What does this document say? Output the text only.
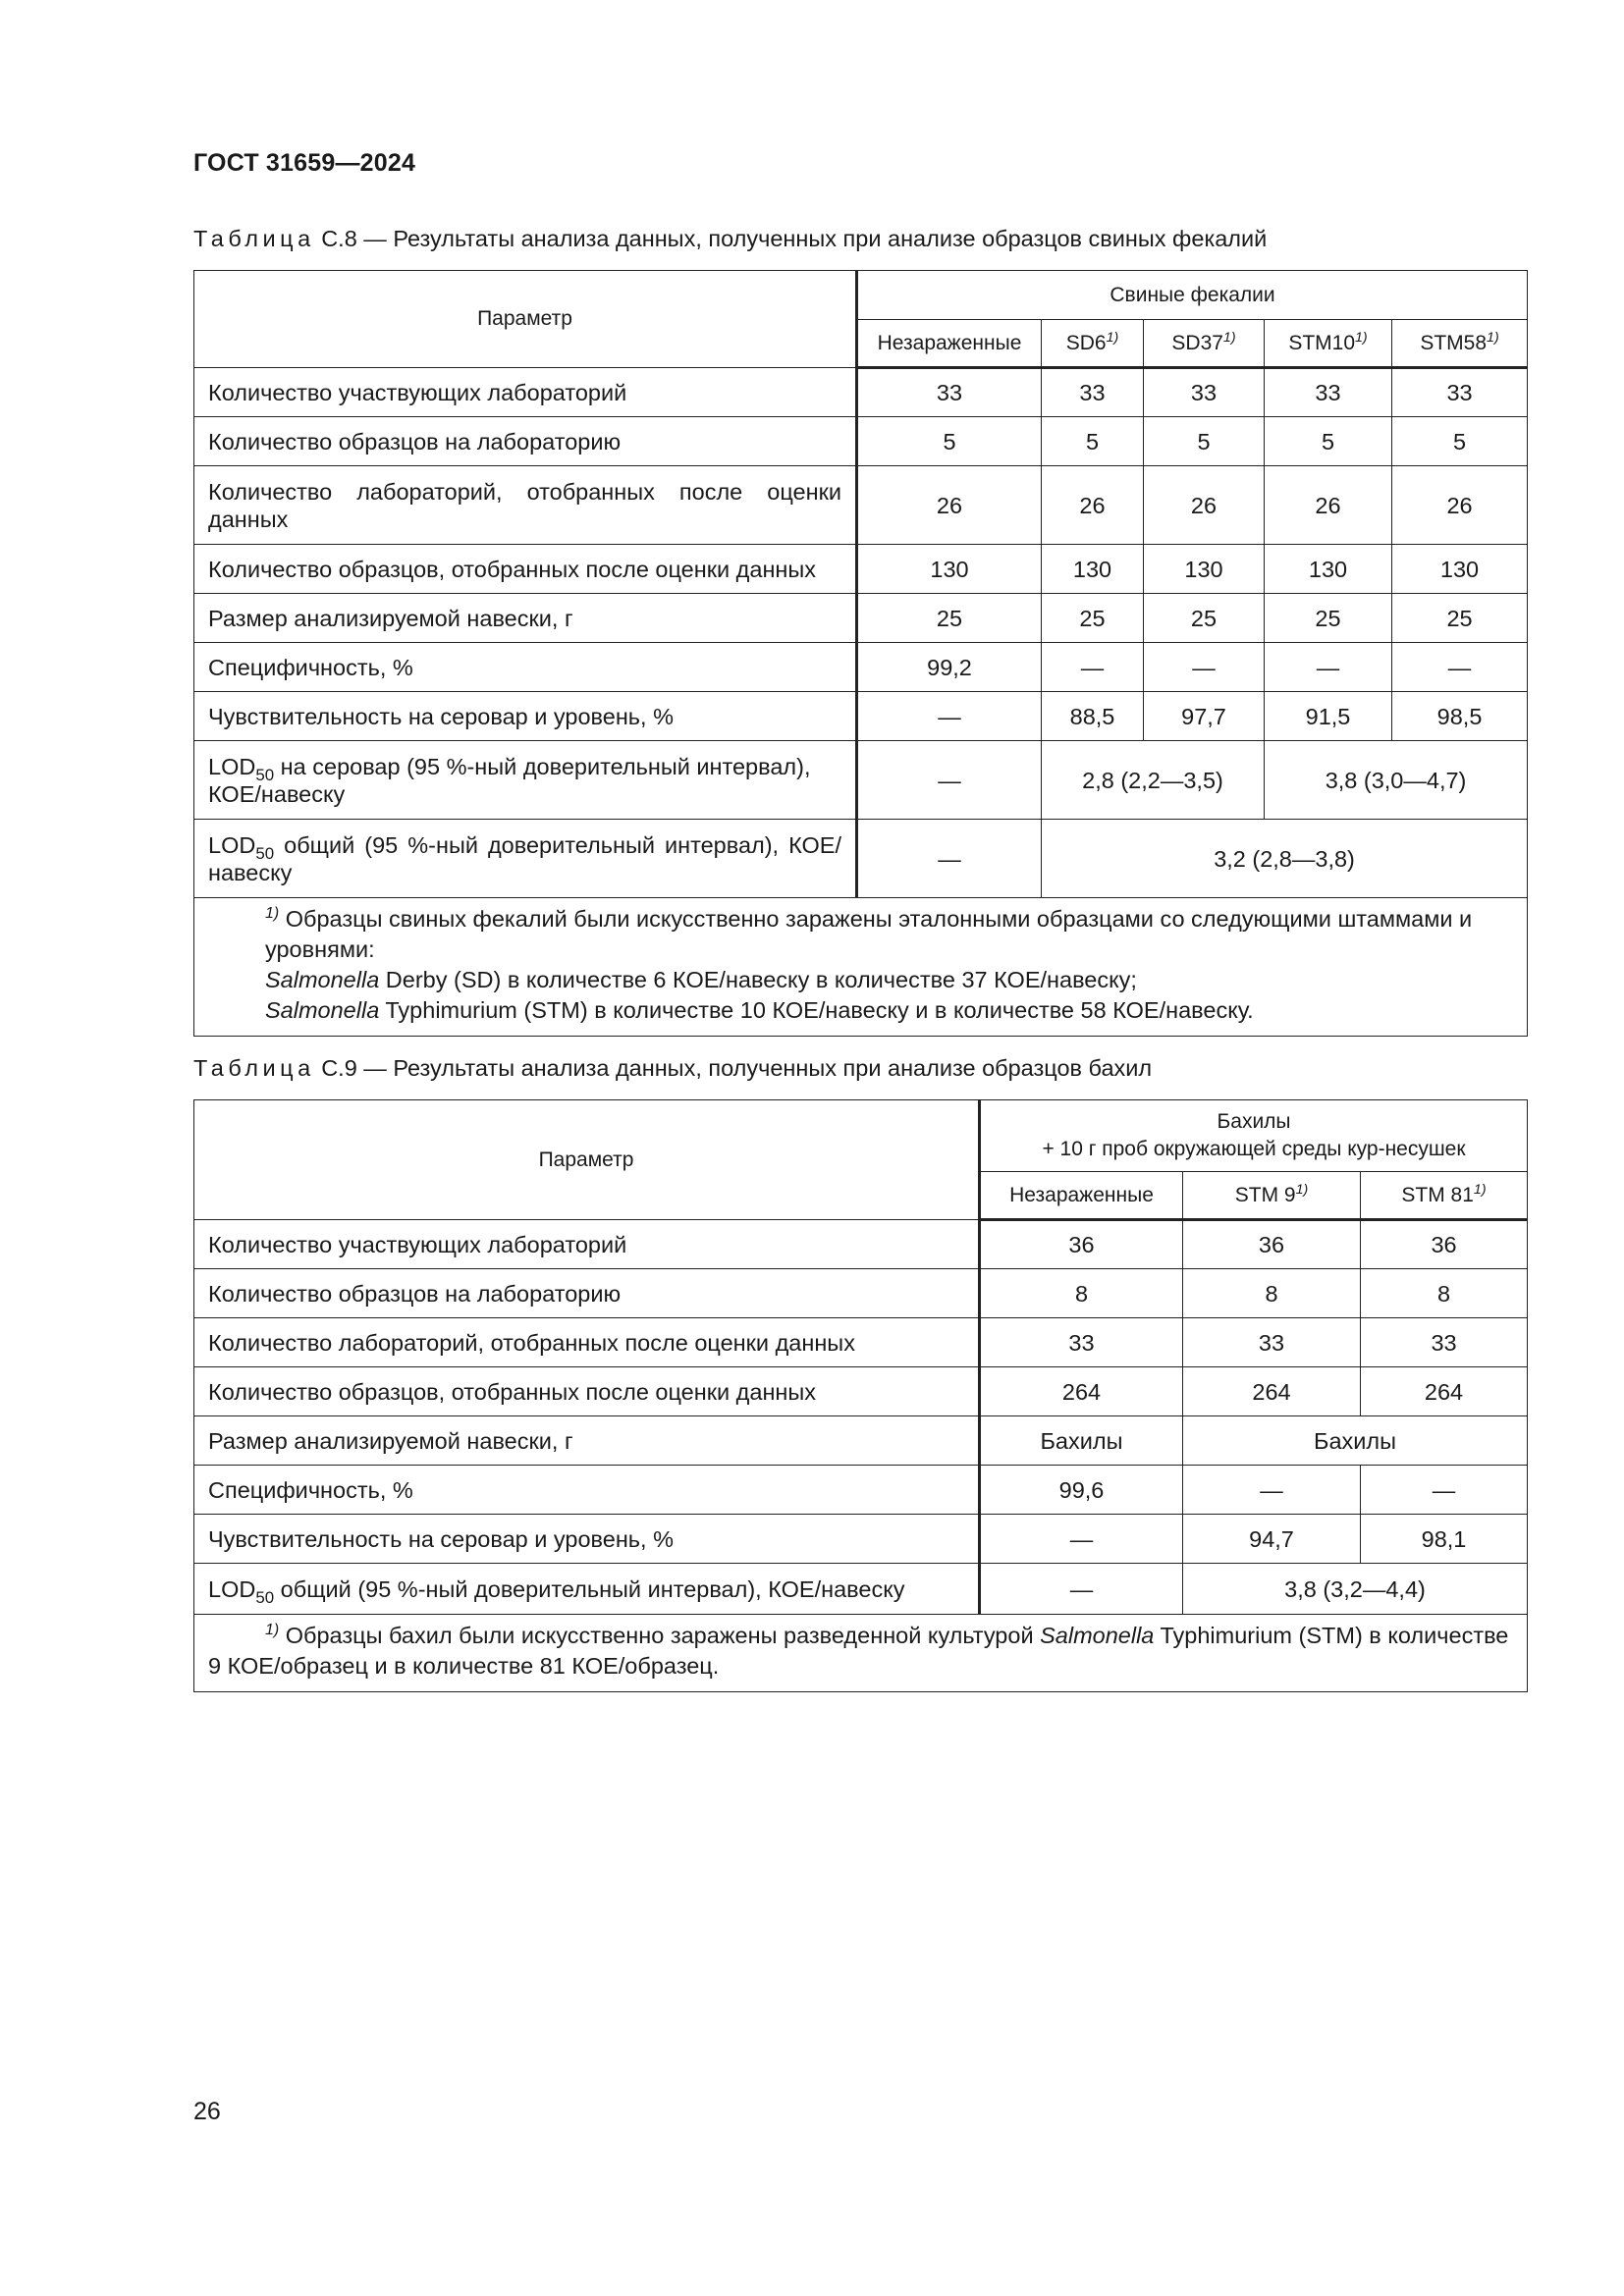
ГОСТ 31659—2024
Таблица С.8 — Результаты анализа данных, полученных при анализе образцов свиных фекалий
Параметр	Свиные фекалии				
	Незараженные	SD6$^{1)}$	SD37$^{1)}$	STM10$^{1)}$	STM58$^{1)}$
Количество участвующих лабораторий	33	33	33	33	33
Количество образцов на лабораторию	5	5	5	5	5
Количество лабораторий, отобранных после оценки данных	26	26	26	26	26
Количество образцов, отобранных после оценки данных	130	130	130	130	130
Размер анализируемой навески, г	25	25	25	25	25
Специфичность, %	99,2	—	—	—	—
Чувствительность на серовар и уровень, %	—	88,5	97,7	91,5	98,5
$LOD_{50}$ на серовар (95 %-ный доверительный интервал), КОЕ/навеску	—	2,8 (2,2—3,5)		3,8 (3,0—4,7)	
$LOD_{50}$ общий (95 %-ный доверительный интервал), КОЕ/навеску	—	3,2 (2,8—3,8)			

$^{1)}$ Образцы свиных фекалий были искусственно заражены эталонными образцами со следующими штаммами и уровнями:
Salmonella Derby (SD) в количестве 6 КОЕ/навеску в количестве 37 КОЕ/навеску;
Salmonella Typhimurium (STM) в количестве 10 КОЕ/навеску и в количестве 58 КОЕ/навеску.					
Таблица С.9 — Результаты анализа данных, полученных при анализе образцов бахил
Параметр	Бахилы
+ 10 г проб окружающей среды кур-несушек		

	Незараженные	STM 9$^{1)}$	STM 81$^{1)}$
Количество участвующих лабораторий	36	36	36
Количество образцов на лабораторию	8	8	8
Количество лабораторий, отобранных после оценки данных	33	33	33
Количество образцов, отобранных после оценки данных	264	264	264
Размер анализируемой навески, г	Бахилы	Бахилы	
Специфичность, %	99,6	—	—
Чувствительность на серовар и уровень, %	—	94,7	98,1
$LOD_{50}$ общий (95 %-ный доверительный интервал), КОЕ/навеску	—	3,8 (3,2—4,4)	

$^{1)}$ Образцы бахил были искусственно заражены разведенной культурой Salmonella Typhimurium (STM) в количестве 9 КОЕ/образец и в количестве 81 КОЕ/образец.			
26
